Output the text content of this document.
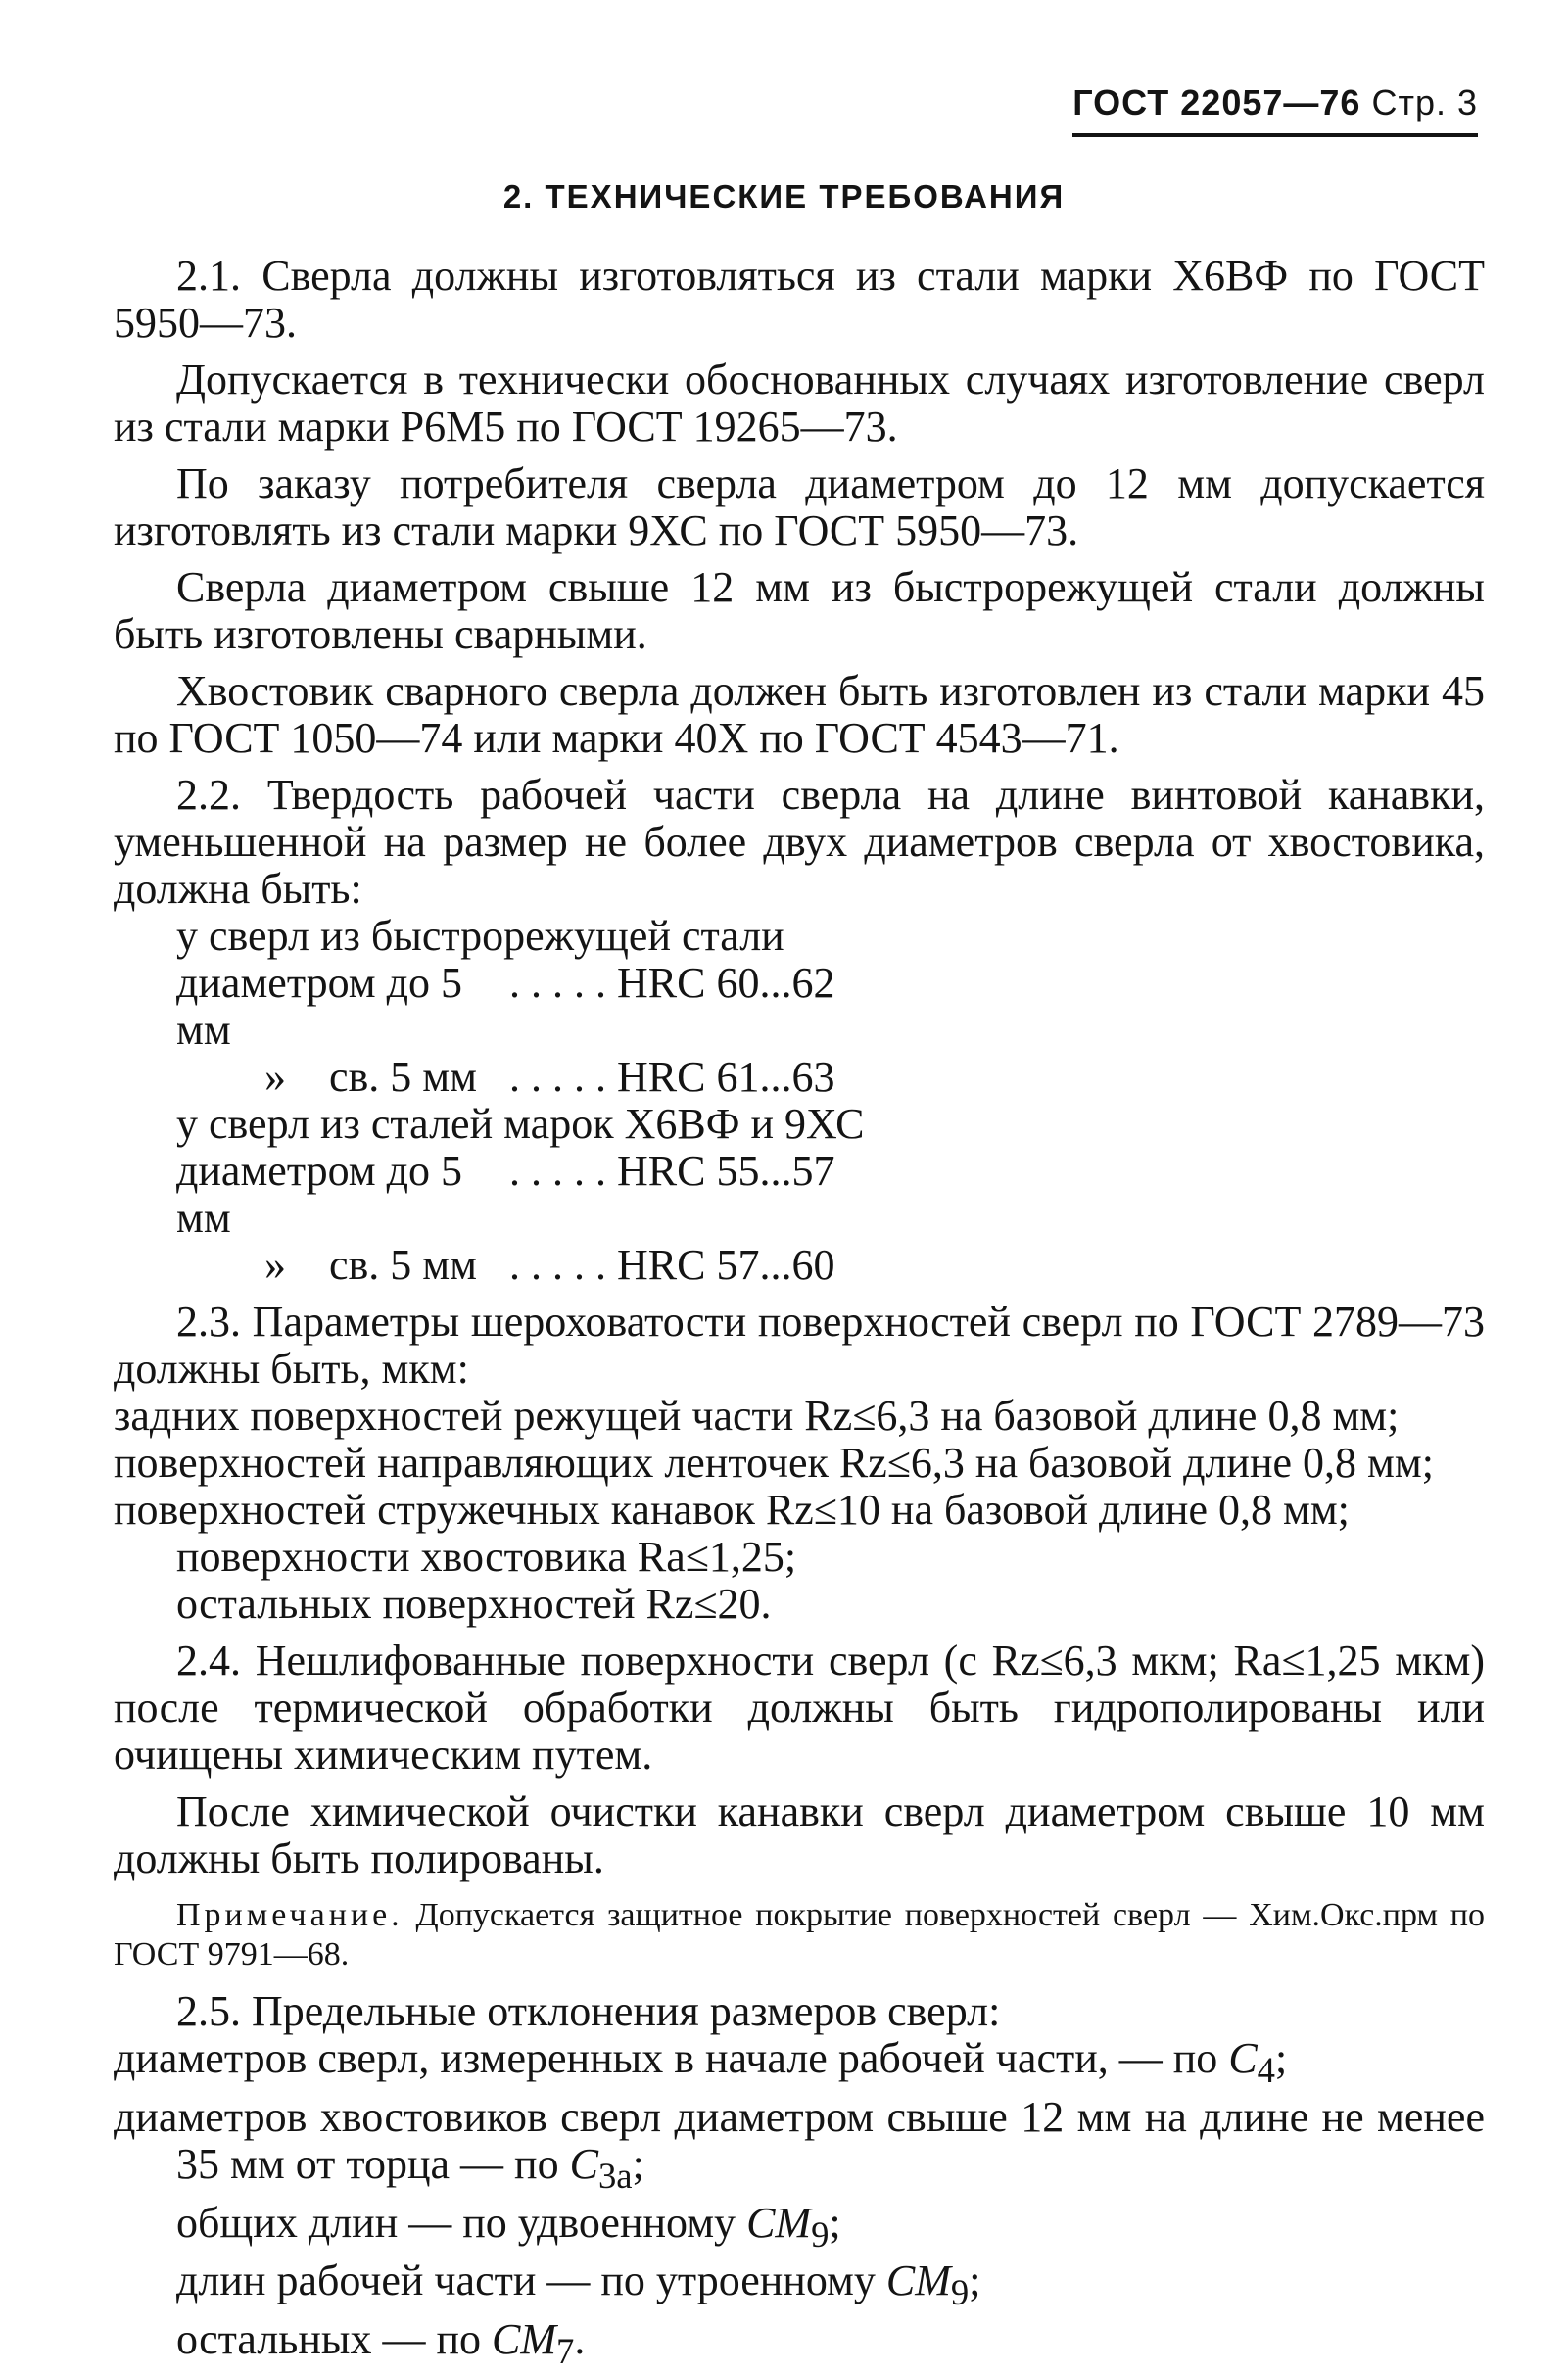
ГОСТ 22057—76 Стр. 3
2. ТЕХНИЧЕСКИЕ ТРЕБОВАНИЯ

2.1. Сверла должны изготовляться из стали марки Х6ВФ по ГОСТ 5950—73.

Допускается в технически обоснованных случаях изготовление сверл из стали марки Р6М5 по ГОСТ 19265—73.

По заказу потребителя сверла диаметром до 12 мм допускается изготовлять из стали марки 9ХС по ГОСТ 5950—73.

Сверла диаметром свыше 12 мм из быстрорежущей стали должны быть изготовлены сварными.

Хвостовик сварного сверла должен быть изготовлен из стали марки 45 по ГОСТ 1050—74 или марки 40Х по ГОСТ 4543—71.

2.2. Твердость рабочей части сверла на длине винтовой канавки, уменьшенной на размер не более двух диаметров сверла от хвостовика, должна быть:

у сверл из быстрорежущей стали

диаметром до 5 мм
. . . . . HRC 60...62
» св. 5 мм . . . . . HRC 61...63

у сверл из сталей марок Х6ВФ и 9ХС

диаметром до 5 мм
. . . . . HRC 55...57
» св. 5 мм . . . . . HRC 57...60

2.3. Параметры шероховатости поверхностей сверл по ГОСТ 2789—73 должны быть, мкм:

задних поверхностей режущей части Rz≤6,3 на базовой длине 0,8 мм;

поверхностей направляющих ленточек Rz≤6,3 на базовой длине 0,8 мм;

поверхностей стружечных канавок Rz≤10 на базовой длине 0,8 мм;

поверхности хвостовика Ra≤1,25;

остальных поверхностей Rz≤20.

2.4. Нешлифованные поверхности сверл (с Rz≤6,3 мкм; Ra≤1,25 мкм) после термической обработки должны быть гидрополированы или очищены химическим путем.

После химической очистки канавки сверл диаметром свыше 10 мм должны быть полированы.

Примечание. Допускается защитное покрытие поверхностей сверл — Хим.Окс.прм по ГОСТ 9791—68.

2.5. Предельные отклонения размеров сверл:

диаметров сверл, измеренных в начале рабочей части, — по $C_4$;

диаметров хвостовиков сверл диаметром свыше 12 мм на длине не менее 35 мм от торца — по $C_{3а}$;

общих длин — по удвоенному $CM_9$;

длин рабочей части — по утроенному $CM_9$;

остальных — по $CM_7$.
